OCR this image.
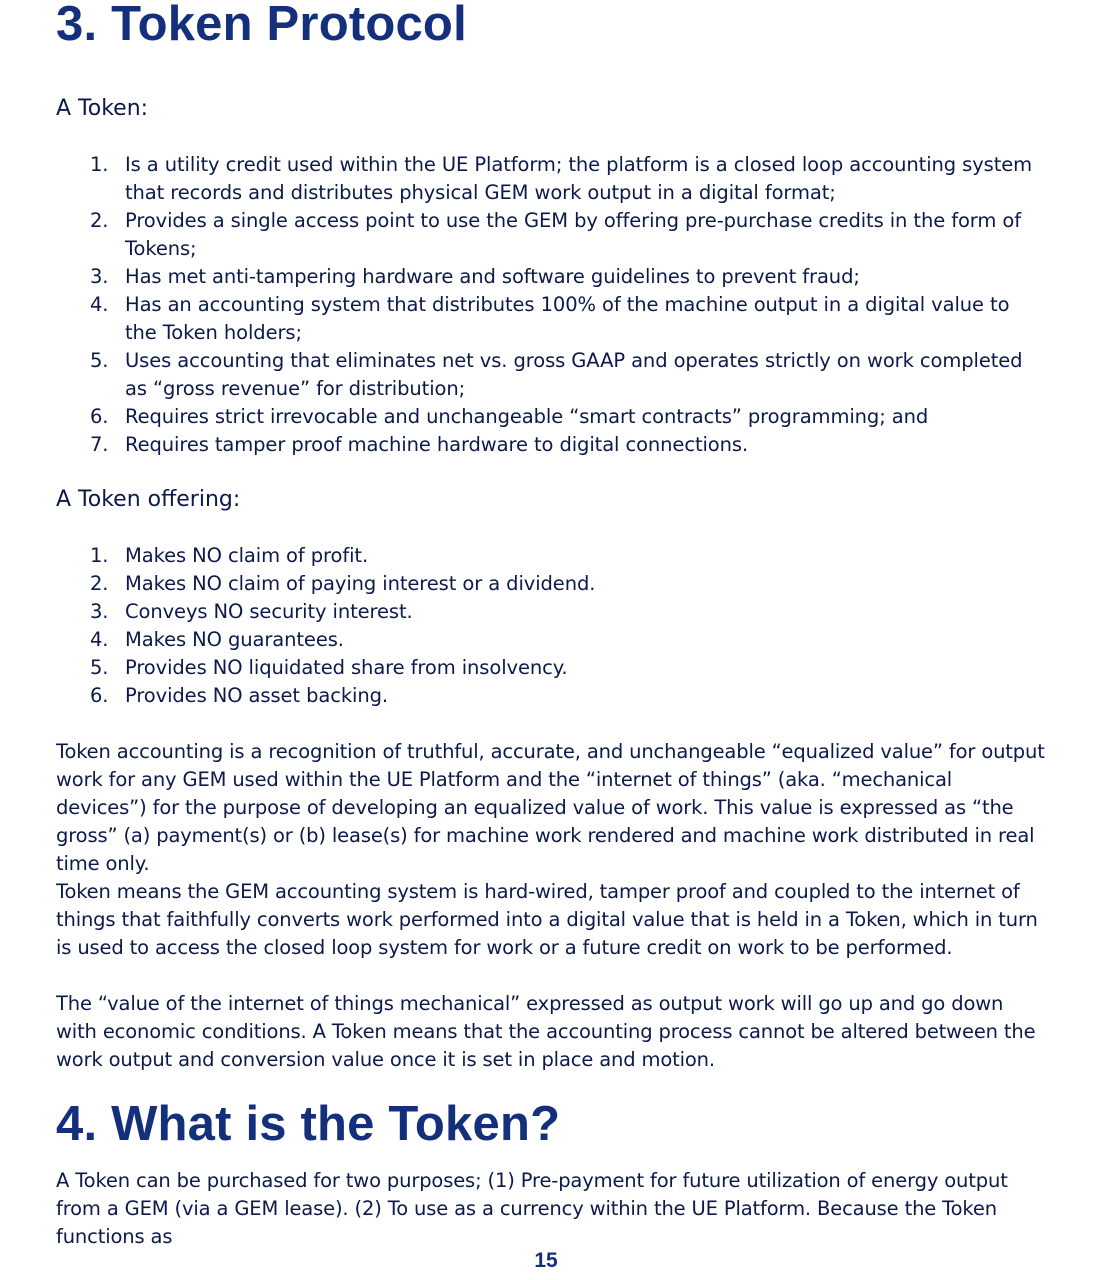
3. Token Protocol
A Token:
1. Is a utility credit used within the UE Platform; the platform is a closed loop accounting system that records and distributes physical GEM work output in a digital format;
2. Provides a single access point to use the GEM by offering pre-purchase credits in the form of Tokens;
3. Has met anti-tampering hardware and software guidelines to prevent fraud;
4. Has an accounting system that distributes 100% of the machine output in a digital value to the Token holders;
5. Uses accounting that eliminates net vs. gross GAAP and operates strictly on work completed as “gross revenue” for distribution;
6. Requires strict irrevocable and unchangeable “smart contracts” programming; and
7. Requires tamper proof machine hardware to digital connections.
A Token offering:
1. Makes NO claim of profit.
2. Makes NO claim of paying interest or a dividend.
3. Conveys NO security interest.
4. Makes NO guarantees.
5. Provides NO liquidated share from insolvency.
6. Provides NO asset backing.

Token accounting is a recognition of truthful, accurate, and unchangeable “equalized value” for output work for any GEM used within the UE Platform and the “internet of things” (aka. “mechanical devices”) for the purpose of developing an equalized value of work. This value is expressed as “the gross” (a) payment(s) or (b) lease(s) for machine work rendered and machine work distributed in real time only.

Token means the GEM accounting system is hard-wired, tamper proof and coupled to the internet of things that faithfully converts work performed into a digital value that is held in a Token, which in turn is used to access the closed loop system for work or a future credit on work to be performed.

The “value of the internet of things mechanical” expressed as output work will go up and go down with economic conditions. A Token means that the accounting process cannot be altered between the work output and conversion value once it is set in place and motion.

4. What is the Token?

A Token can be purchased for two purposes; (1) Pre-payment for future utilization of energy output from a GEM (via a GEM lease). (2) To use as a currency within the UE Platform. Because the Token functions as

15
